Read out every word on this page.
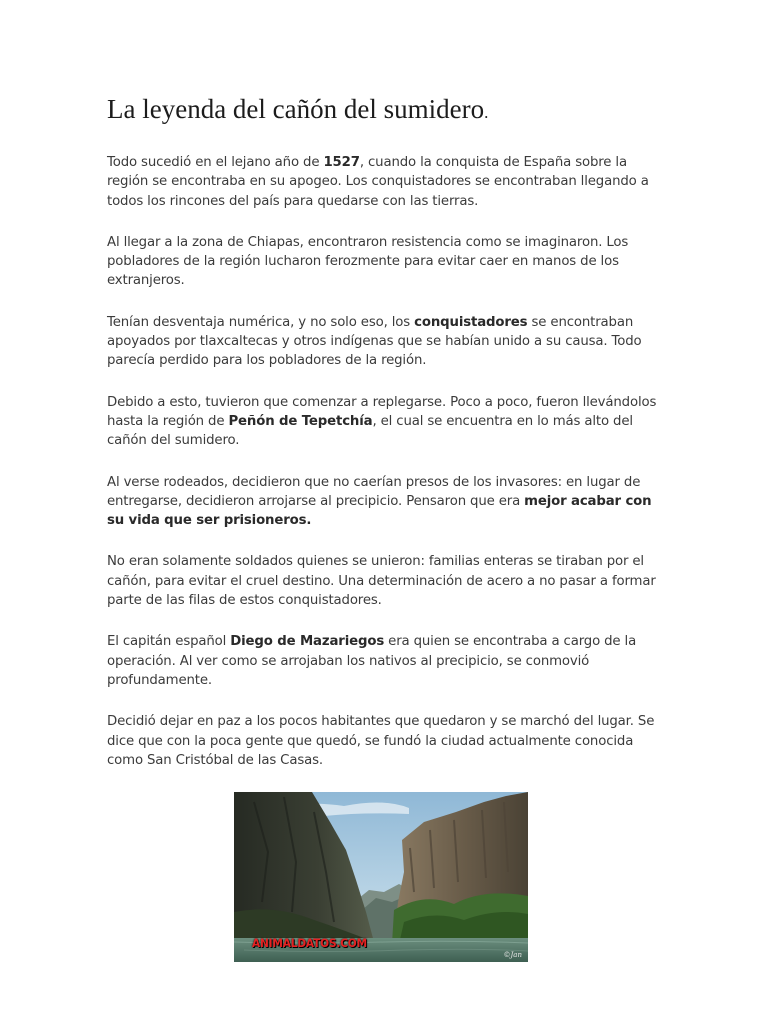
La leyenda del cañón del sumidero.

Todo sucedió en el lejano año de 1527, cuando la conquista de España sobre la región se encontraba en su apogeo. Los conquistadores se encontraban llegando a todos los rincones del país para quedarse con las tierras.

Al llegar a la zona de Chiapas, encontraron resistencia como se imaginaron. Los pobladores de la región lucharon ferozmente para evitar caer en manos de los extranjeros.

Tenían desventaja numérica, y no solo eso, los conquistadores se encontraban apoyados por tlaxcaltecas y otros indígenas que se habían unido a su causa. Todo parecía perdido para los pobladores de la región.

Debido a esto, tuvieron que comenzar a replegarse. Poco a poco, fueron llevándolos hasta la región de Peñón de Tepetchía, el cual se encuentra en lo más alto del cañón del sumidero.

Al verse rodeados, decidieron que no caerían presos de los invasores: en lugar de entregarse, decidieron arrojarse al precipicio. Pensaron que era mejor acabar con su vida que ser prisioneros.

No eran solamente soldados quienes se unieron: familias enteras se tiraban por el cañón, para evitar el cruel destino. Una determinación de acero a no pasar a formar parte de las filas de estos conquistadores.

El capitán español Diego de Mazariegos era quien se encontraba a cargo de la operación. Al ver como se arrojaban los nativos al precipicio, se conmovió profundamente.

Decidió dejar en paz a los pocos habitantes que quedaron y se marchó del lugar. Se dice que con la poca gente que quedó, se fundó la ciudad actualmente conocida como San Cristóbal de las Casas.

ANIMALDATOS.COM
©Jan
